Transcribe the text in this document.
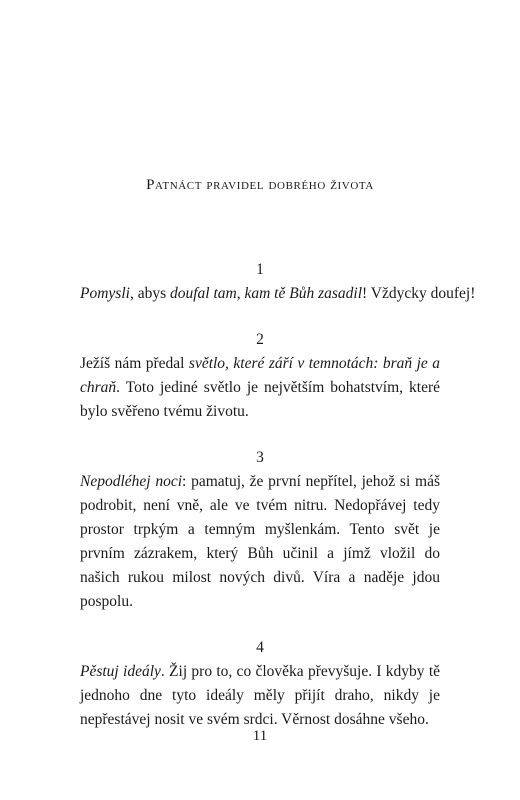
Patnáct pravidel dobrého života

1

Pomysli, abys doufal tam, kam tě Bůh zasadil! Vždycky doufej!

2

Ježíš nám předal světlo, které září v temnotách: braň je a chraň. Toto jediné světlo je největším bohatstvím, které bylo svěřeno tvému životu.

3

Nepodléhej noci: pamatuj, že první nepřítel, jehož si máš podrobit, není vně, ale ve tvém nitru. Nedopřávej tedy prostor trpkým a temným myšlenkám. Tento svět je prvním zázrakem, který Bůh učinil a jímž vložil do našich rukou milost nových divů. Víra a naděje jdou pospolu.

4

Pěstuj ideály. Žij pro to, co člověka převyšuje. I kdyby tě jednoho dne tyto ideály měly přijít draho, nikdy je nepřestávej nosit ve svém srdci. Věrnost dosáhne všeho.

11
